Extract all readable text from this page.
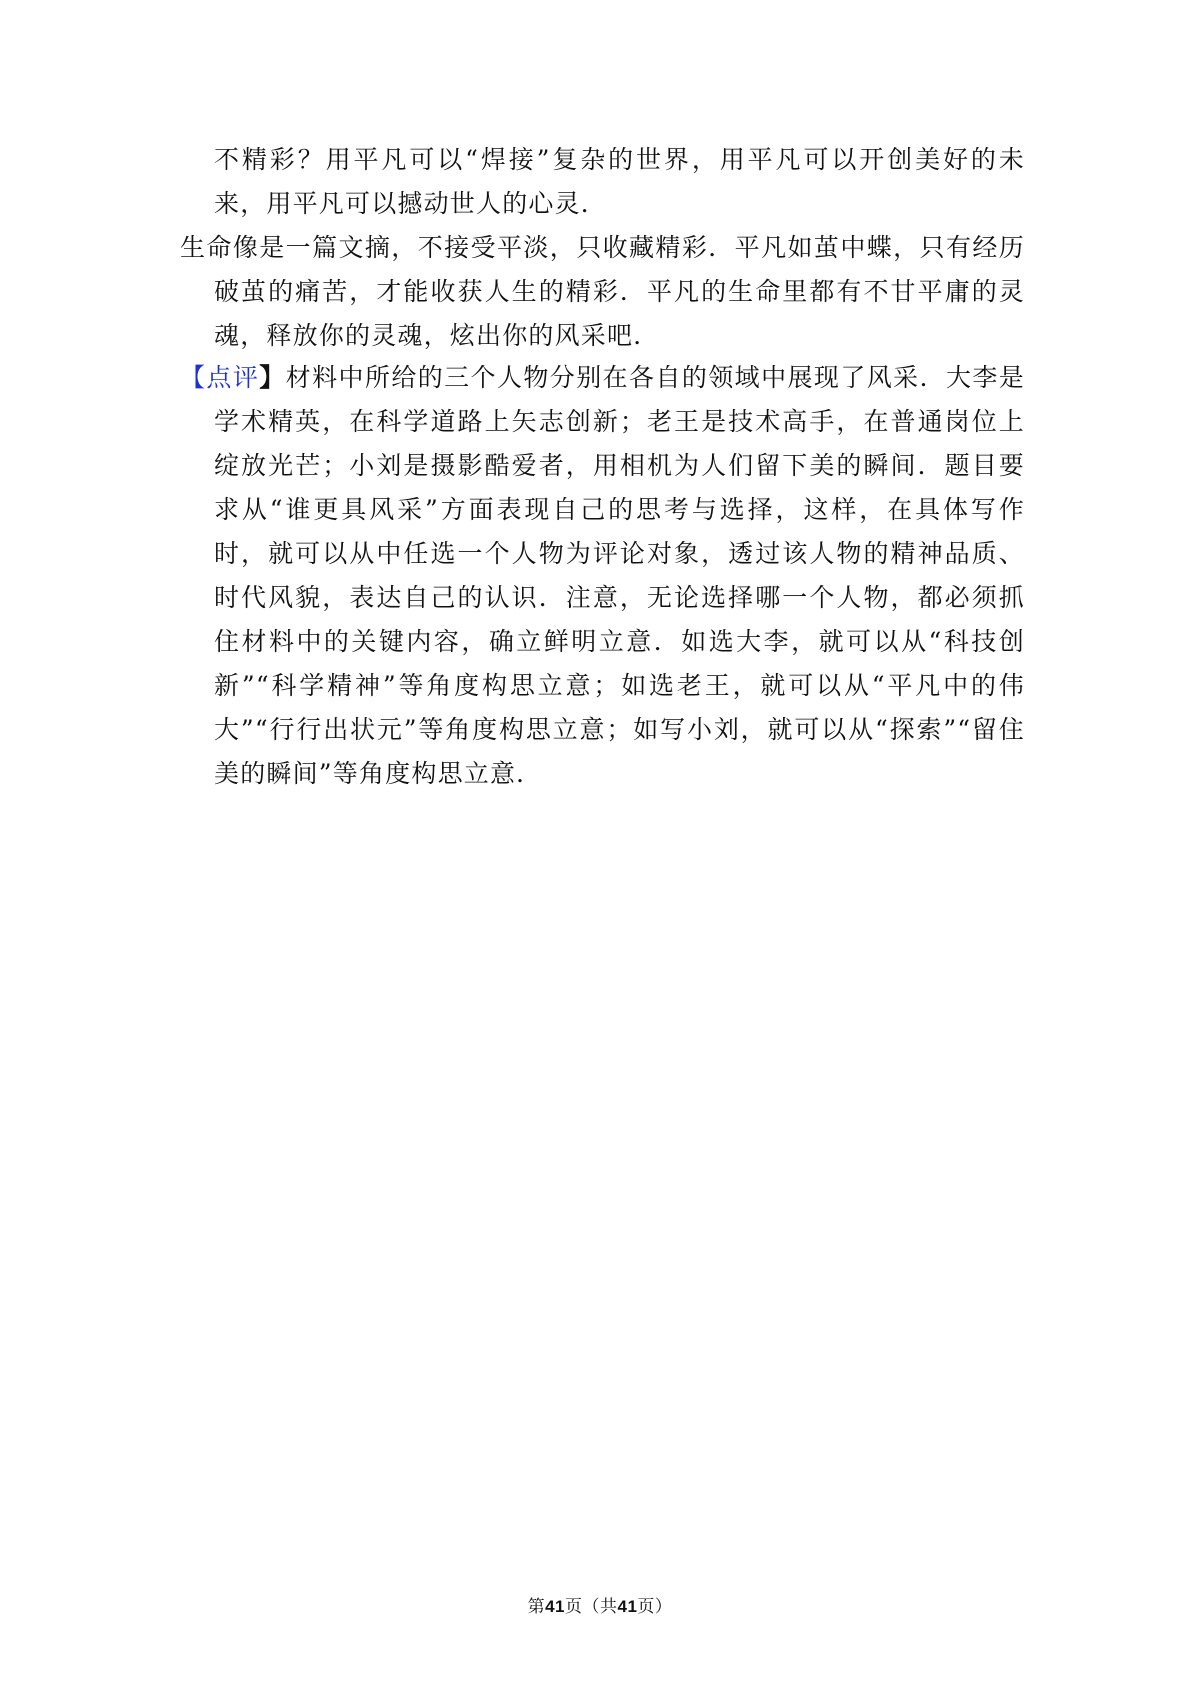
不精彩？用平凡可以“焊接”复杂的世界，用平凡可以开创美好的未来，用平凡可以撼动世人的心灵．
生命像是一篇文摘，不接受平淡，只收藏精彩．平凡如茧中蝶，只有经历破茧的痛苦，才能收获人生的精彩．平凡的生命里都有不甘平庸的灵魂，释放你的灵魂，炫出你的风采吧．
【点评】材料中所给的三个人物分别在各自的领域中展现了风采．大李是学术精英，在科学道路上矢志创新；老王是技术高手，在普通岗位上绽放光芒；小刘是摄影酷爱者，用相机为人们留下美的瞬间．题目要求从“谁更具风采”方面表现自己的思考与选择，这样，在具体写作时，就可以从中任选一个人物为评论对象，透过该人物的精神品质、时代风貌，表达自己的认识．注意，无论选择哪一个人物，都必须抓住材料中的关键内容，确立鲜明立意．如选大李，就可以从“科技创新”“科学精神”等角度构思立意；如选老王，就可以从“平凡中的伟大”“行行出状元”等角度构思立意；如写小刘，就可以从“探索”“留住美的瞬间”等角度构思立意．
第41页（共41页）
